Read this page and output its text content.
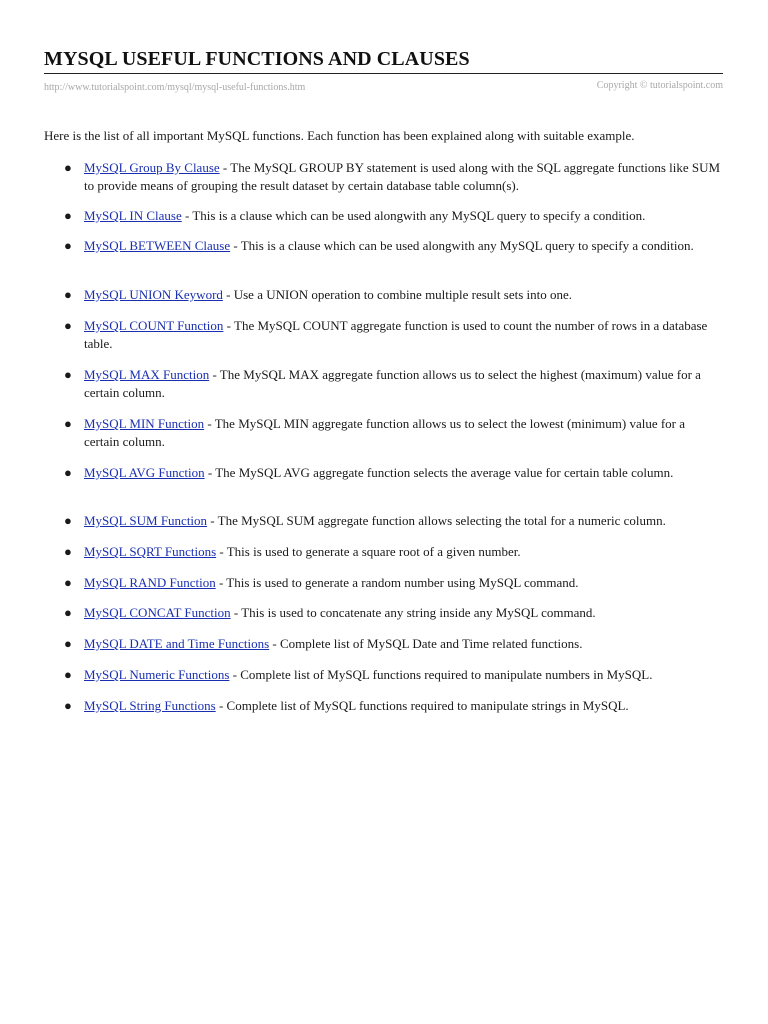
MYSQL USEFUL FUNCTIONS AND CLAUSES
http://www.tutorialspoint.com/mysql/mysql-useful-functions.htm	Copyright © tutorialspoint.com

Here is the list of all important MySQL functions. Each function has been explained along with suitable example.

● MySQL Group By Clause - The MySQL GROUP BY statement is used along with the SQL aggregate functions like SUM to provide means of grouping the result dataset by certain database table column(s).
● MySQL IN Clause - This is a clause which can be used alongwith any MySQL query to specify a condition.
● MySQL BETWEEN Clause - This is a clause which can be used alongwith any MySQL query to specify a condition.
● MySQL UNION Keyword - Use a UNION operation to combine multiple result sets into one.
● MySQL COUNT Function - The MySQL COUNT aggregate function is used to count the number of rows in a database table.
● MySQL MAX Function - The MySQL MAX aggregate function allows us to select the highest (maximum) value for a certain column.
● MySQL MIN Function - The MySQL MIN aggregate function allows us to select the lowest (minimum) value for a certain column.
● MySQL AVG Function - The MySQL AVG aggregate function selects the average value for certain table column.
● MySQL SUM Function - The MySQL SUM aggregate function allows selecting the total for a numeric column.
● MySQL SQRT Functions - This is used to generate a square root of a given number.
● MySQL RAND Function - This is used to generate a random number using MySQL command.
● MySQL CONCAT Function - This is used to concatenate any string inside any MySQL command.
● MySQL DATE and Time Functions - Complete list of MySQL Date and Time related functions.
● MySQL Numeric Functions - Complete list of MySQL functions required to manipulate numbers in MySQL.
● MySQL String Functions - Complete list of MySQL functions required to manipulate strings in MySQL.
